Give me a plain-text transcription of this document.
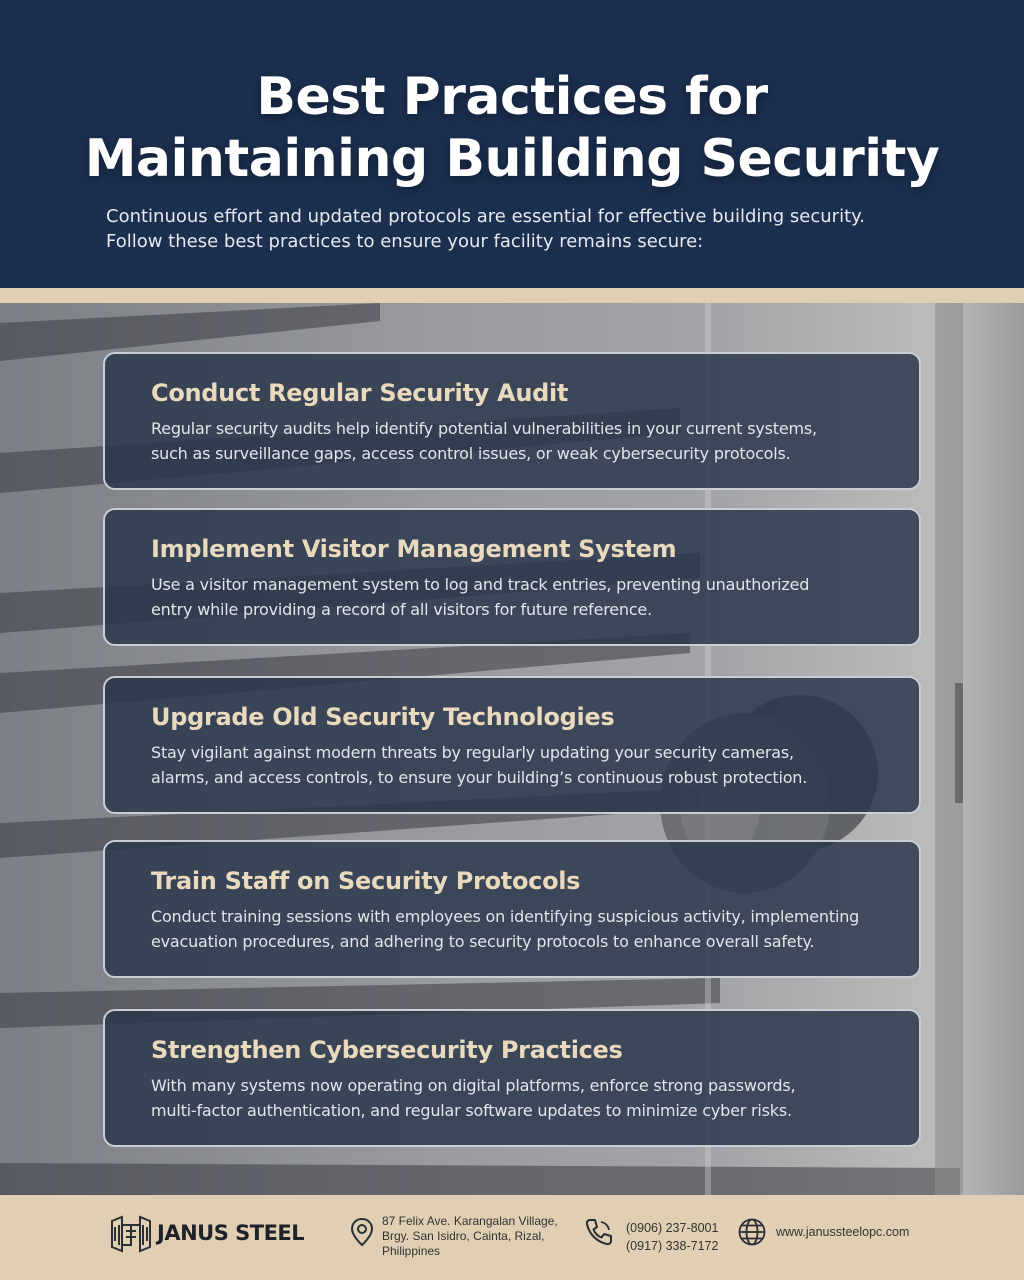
Best Practices for
Maintaining Building Security

Continuous effort and updated protocols are essential for effective building security.
Follow these best practices to ensure your facility remains secure:

Conduct Regular Security Audit

Regular security audits help identify potential vulnerabilities in your current systems,
such as surveillance gaps, access control issues, or weak cybersecurity protocols.

Implement Visitor Management System

Use a visitor management system to log and track entries, preventing unauthorized
entry while providing a record of all visitors for future reference.

Upgrade Old Security Technologies

Stay vigilant against modern threats by regularly updating your security cameras,
alarms, and access controls, to ensure your building’s continuous robust protection.

Train Staff on Security Protocols

Conduct training sessions with employees on identifying suspicious activity, implementing
evacuation procedures, and adhering to security protocols to enhance overall safety.

Strengthen Cybersecurity Practices

With many systems now operating on digital platforms, enforce strong passwords,
multi-factor authentication, and regular software updates to minimize cyber risks.

JANUS STEEL	87 Felix Ave. Karangalan Village,
Brgy. San Isidro, Cainta, Rizal,
Philippines
(0906) 237-8001
(0917) 338-7172
www.janussteelopc.com
